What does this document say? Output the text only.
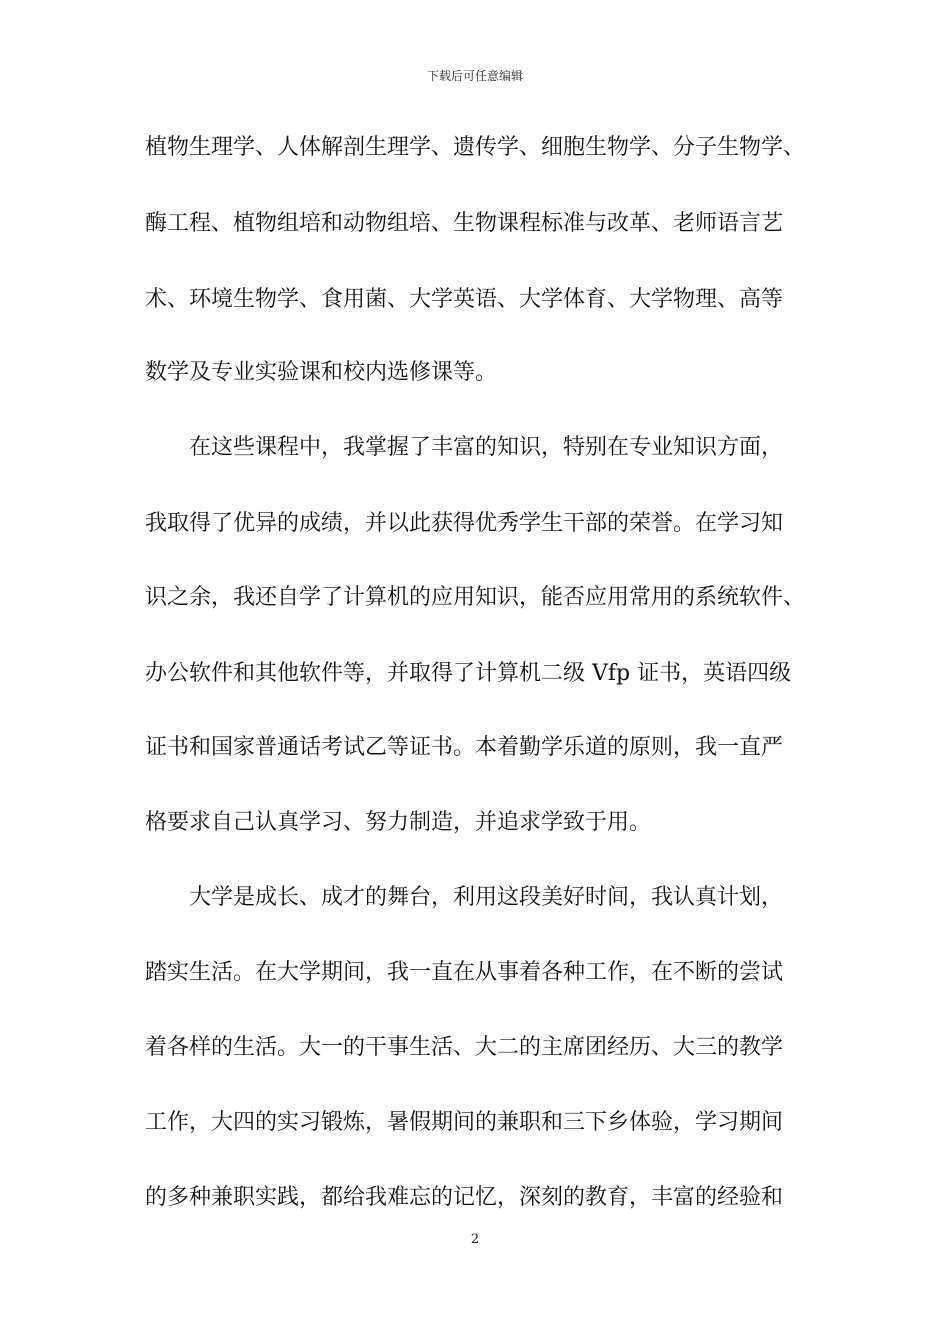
下载后可任意编辑
植物生理学、人体解剖生理学、遗传学、细胞生物学、分子生物学、
酶工程、植物组培和动物组培、生物课程标准与改革、老师语言艺
术、环境生物学、食用菌、大学英语、大学体育、大学物理、高等
数学及专业实验课和校内选修课等。
在这些课程中，我掌握了丰富的知识，特别在专业知识方面，
我取得了优异的成绩，并以此获得优秀学生干部的荣誉。在学习知
识之余，我还自学了计算机的应用知识，能否应用常用的系统软件、
办公软件和其他软件等，并取得了计算机二级 Vfp 证书，英语四级
证书和国家普通话考试乙等证书。本着勤学乐道的原则，我一直严
格要求自己认真学习、努力制造，并追求学致于用。
大学是成长、成才的舞台，利用这段美好时间，我认真计划，
踏实生活。在大学期间，我一直在从事着各种工作，在不断的尝试
着各样的生活。大一的干事生活、大二的主席团经历、大三的教学
工作，大四的实习锻炼，暑假期间的兼职和三下乡体验，学习期间
的多种兼职实践，都给我难忘的记忆，深刻的教育，丰富的经验和
2
